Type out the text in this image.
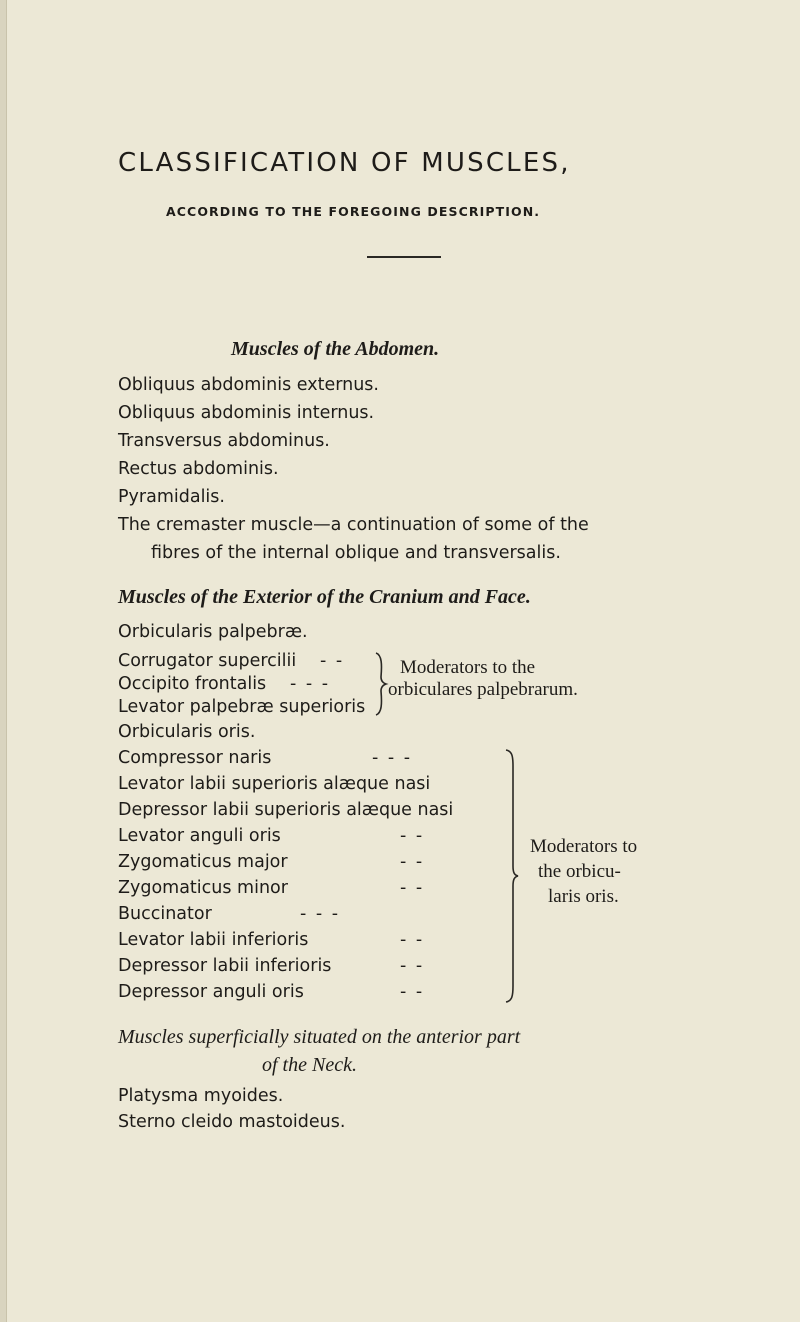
CLASSIFICATION OF MUSCLES,
ACCORDING TO THE FOREGOING DESCRIPTION.
Muscles of the Abdomen.
Obliquus abdominis externus.
Obliquus abdominis internus.
Transversus abdominus.
Rectus abdominis.
Pyramidalis.
The cremaster muscle—a continuation of some of the
fibres of the internal oblique and transversalis.
Muscles of the Exterior of the Cranium and Face.
Orbicularis palpebræ.
Corrugator supercilii - -
Occipito frontalis - - -
Levator palpebræ superioris
Moderators to the
orbiculares palpebrarum.
Orbicularis oris.
Compressor naris	- - -
Levator labii superioris alæque nasi
Depressor labii superioris alæque nasi
Levator anguli oris	- -
Zygomaticus major	- -
Zygomaticus minor	- -
Buccinator	- - -
Levator labii inferioris	- -
Depressor labii inferioris	- -
Depressor anguli oris	- -
Moderators to
the orbicu-
laris oris.
Muscles superficially situated on the anterior part
of the Neck.
Platysma myoides.
Sterno cleido mastoideus.
